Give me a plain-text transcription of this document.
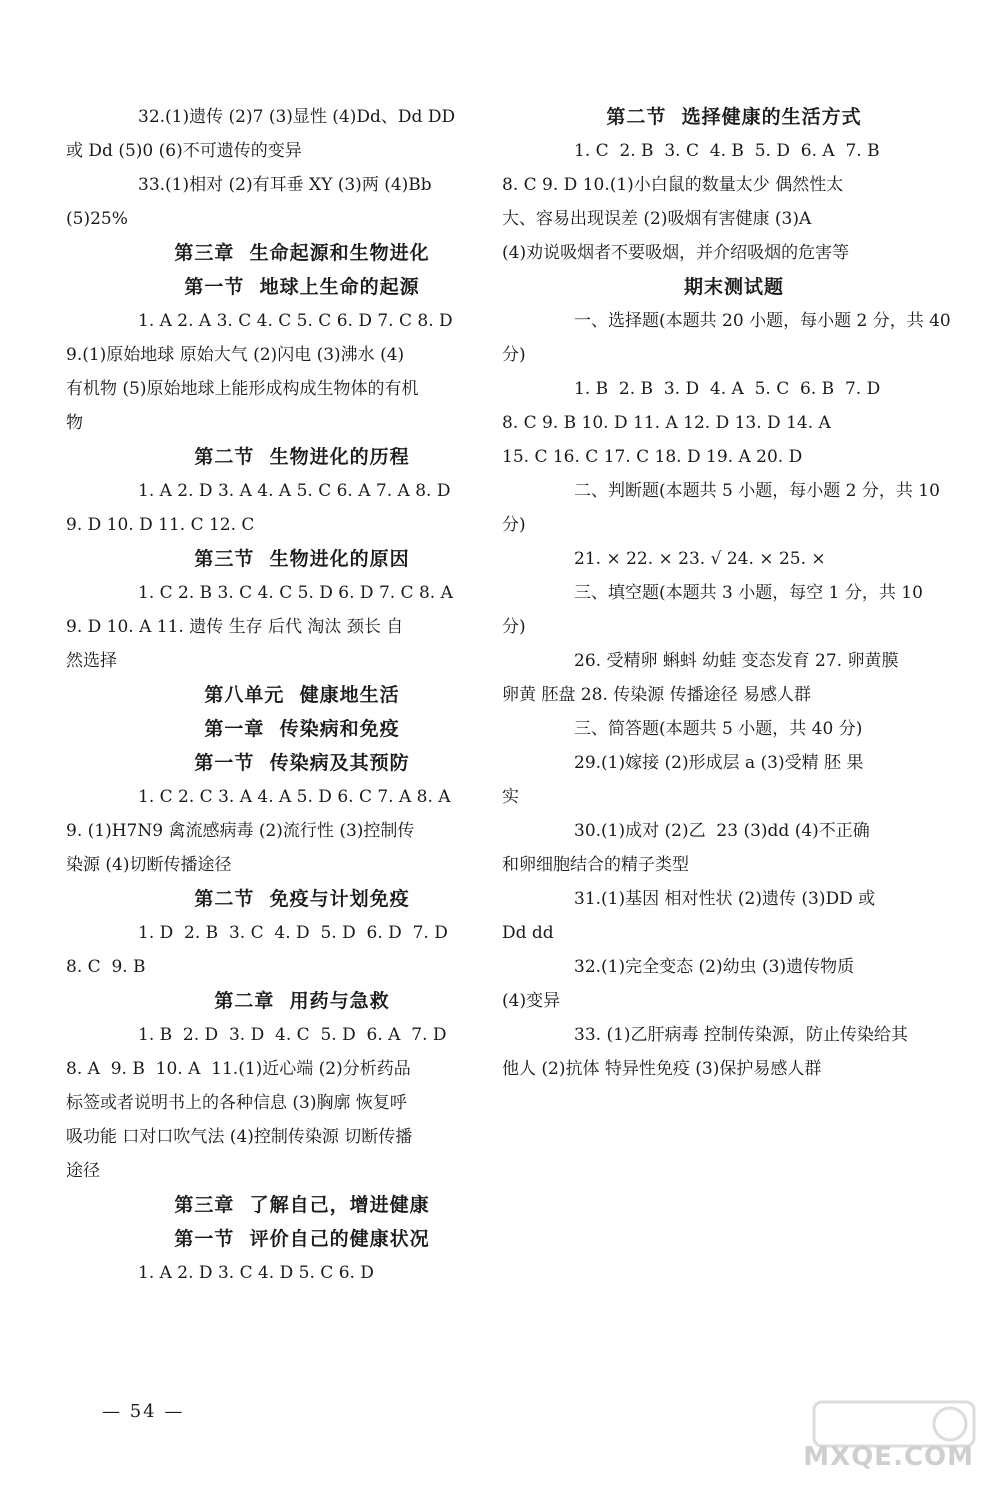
32.(1)遗传 (2)7 (3)显性 (4)Dd、Dd DD
或 Dd (5)0 (6)不可遗传的变异
33.(1)相对 (2)有耳垂 XY (3)两 (4)Bb
(5)25%
第三章  生命起源和生物进化
第一节  地球上生命的起源
1. A 2. A 3. C 4. C 5. C 6. D 7. C 8. D
9.(1)原始地球 原始大气 (2)闪电 (3)沸水 (4)
有机物 (5)原始地球上能形成构成生物体的有机
物
第二节  生物进化的历程
1. A 2. D 3. A 4. A 5. C 6. A 7. A 8. D
9. D 10. D 11. C 12. C
第三节  生物进化的原因
1. C 2. B 3. C 4. C 5. D 6. D 7. C 8. A
9. D 10. A 11. 遗传 生存 后代 淘汰 颈长 自
然选择
第八单元  健康地生活
第一章  传染病和免疫
第一节  传染病及其预防
1. C 2. C 3. A 4. A 5. D 6. C 7. A 8. A
9. (1)H7N9 禽流感病毒 (2)流行性 (3)控制传
染源 (4)切断传播途径
第二节  免疫与计划免疫
1. D  2. B  3. C  4. D  5. D  6. D  7. D
8. C  9. B
第二章  用药与急救
1. B  2. D  3. D  4. C  5. D  6. A  7. D
8. A  9. B  10. A  11.(1)近心端 (2)分析药品
标签或者说明书上的各种信息 (3)胸廓 恢复呼
吸功能 口对口吹气法 (4)控制传染源 切断传播
途径
第三章  了解自己，增进健康
第一节  评价自己的健康状况
1. A 2. D 3. C 4. D 5. C 6. D
第二节  选择健康的生活方式
1. C  2. B  3. C  4. B  5. D  6. A  7. B
8. C 9. D 10.(1)小白鼠的数量太少 偶然性太
大、容易出现误差 (2)吸烟有害健康 (3)A
(4)劝说吸烟者不要吸烟，并介绍吸烟的危害等
期末测试题
一、选择题(本题共 20 小题，每小题 2 分，共 40
分)
1. B  2. B  3. D  4. A  5. C  6. B  7. D
8. C 9. B 10. D 11. A 12. D 13. D 14. A
15. C 16. C 17. C 18. D 19. A 20. D
二、判断题(本题共 5 小题，每小题 2 分，共 10
分)
21. × 22. × 23. √ 24. × 25. ×
三、填空题(本题共 3 小题，每空 1 分，共 10
分)
26. 受精卵 蝌蚪 幼蛙 变态发育 27. 卵黄膜
卵黄 胚盘 28. 传染源 传播途径 易感人群
三、简答题(本题共 5 小题，共 40 分)
29.(1)嫁接 (2)形成层 a (3)受精 胚 果
实
30.(1)成对 (2)乙  23 (3)dd (4)不正确
和卵细胞结合的精子类型
31.(1)基因 相对性状 (2)遗传 (3)DD 或
Dd dd
32.(1)完全变态 (2)幼虫 (3)遗传物质
(4)变异
33. (1)乙肝病毒 控制传染源，防止传染给其
他人 (2)抗体 特异性免疫 (3)保护易感人群
— 54 —
MXQE.COM
